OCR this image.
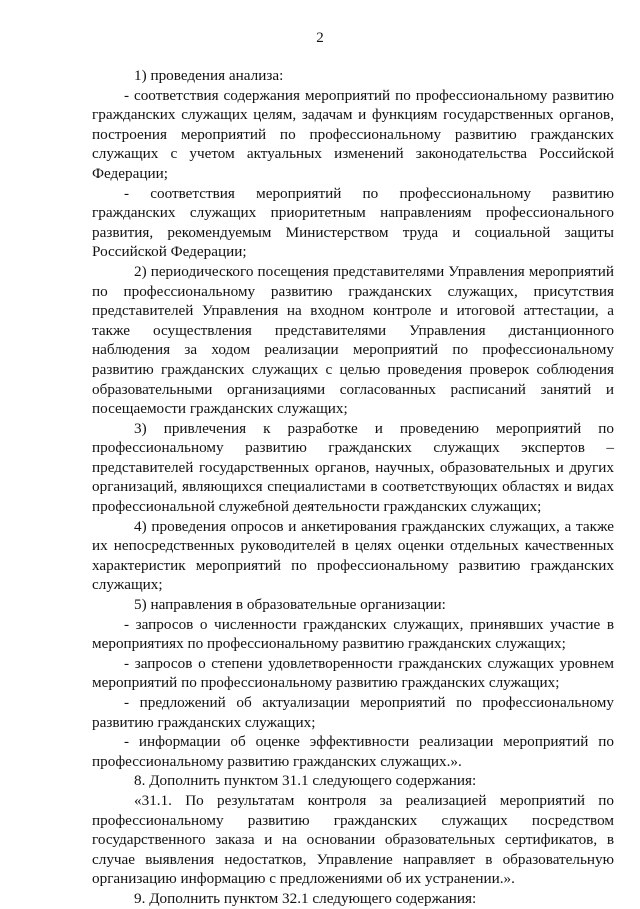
2

1) проведения анализа:

- соответствия содержания мероприятий по профессиональному развитию гражданских служащих целям, задачам и функциям государственных органов, построения мероприятий по профессиональному развитию гражданских служащих с учетом актуальных изменений законодательства Российской Федерации;

- соответствия мероприятий по профессиональному развитию гражданских служащих приоритетным направлениям профессионального развития, рекомендуемым Министерством труда и социальной защиты Российской Федерации;

2) периодического посещения представителями Управления мероприятий по профессиональному развитию гражданских служащих, присутствия представителей Управления на входном контроле и итоговой аттестации, а также осуществления представителями Управления дистанционного наблюдения за ходом реализации мероприятий по профессиональному развитию гражданских служащих с целью проведения проверок соблюдения образовательными организациями согласованных расписаний занятий и посещаемости гражданских служащих;

3) привлечения к разработке и проведению мероприятий по профессиональному развитию гражданских служащих экспертов – представителей государственных органов, научных, образовательных и других организаций, являющихся специалистами в соответствующих областях и видах профессиональной служебной деятельности гражданских служащих;

4) проведения опросов и анкетирования гражданских служащих, а также их непосредственных руководителей в целях оценки отдельных качественных характеристик мероприятий по профессиональному развитию гражданских служащих;

5) направления в образовательные организации:

- запросов о численности гражданских служащих, принявших участие в мероприятиях по профессиональному развитию гражданских служащих;

- запросов о степени удовлетворенности гражданских служащих уровнем мероприятий по профессиональному развитию гражданских служащих;

- предложений об актуализации мероприятий по профессиональному развитию гражданских служащих;

- информации об оценке эффективности реализации мероприятий по профессиональному развитию гражданских служащих.».

8. Дополнить пунктом 31.1 следующего содержания:

«31.1. По результатам контроля за реализацией мероприятий по профессиональному развитию гражданских служащих посредством государственного заказа и на основании образовательных сертификатов, в случае выявления недостатков, Управление направляет в образовательную организацию информацию с предложениями об их устранении.».

9. Дополнить пунктом 32.1 следующего содержания:
